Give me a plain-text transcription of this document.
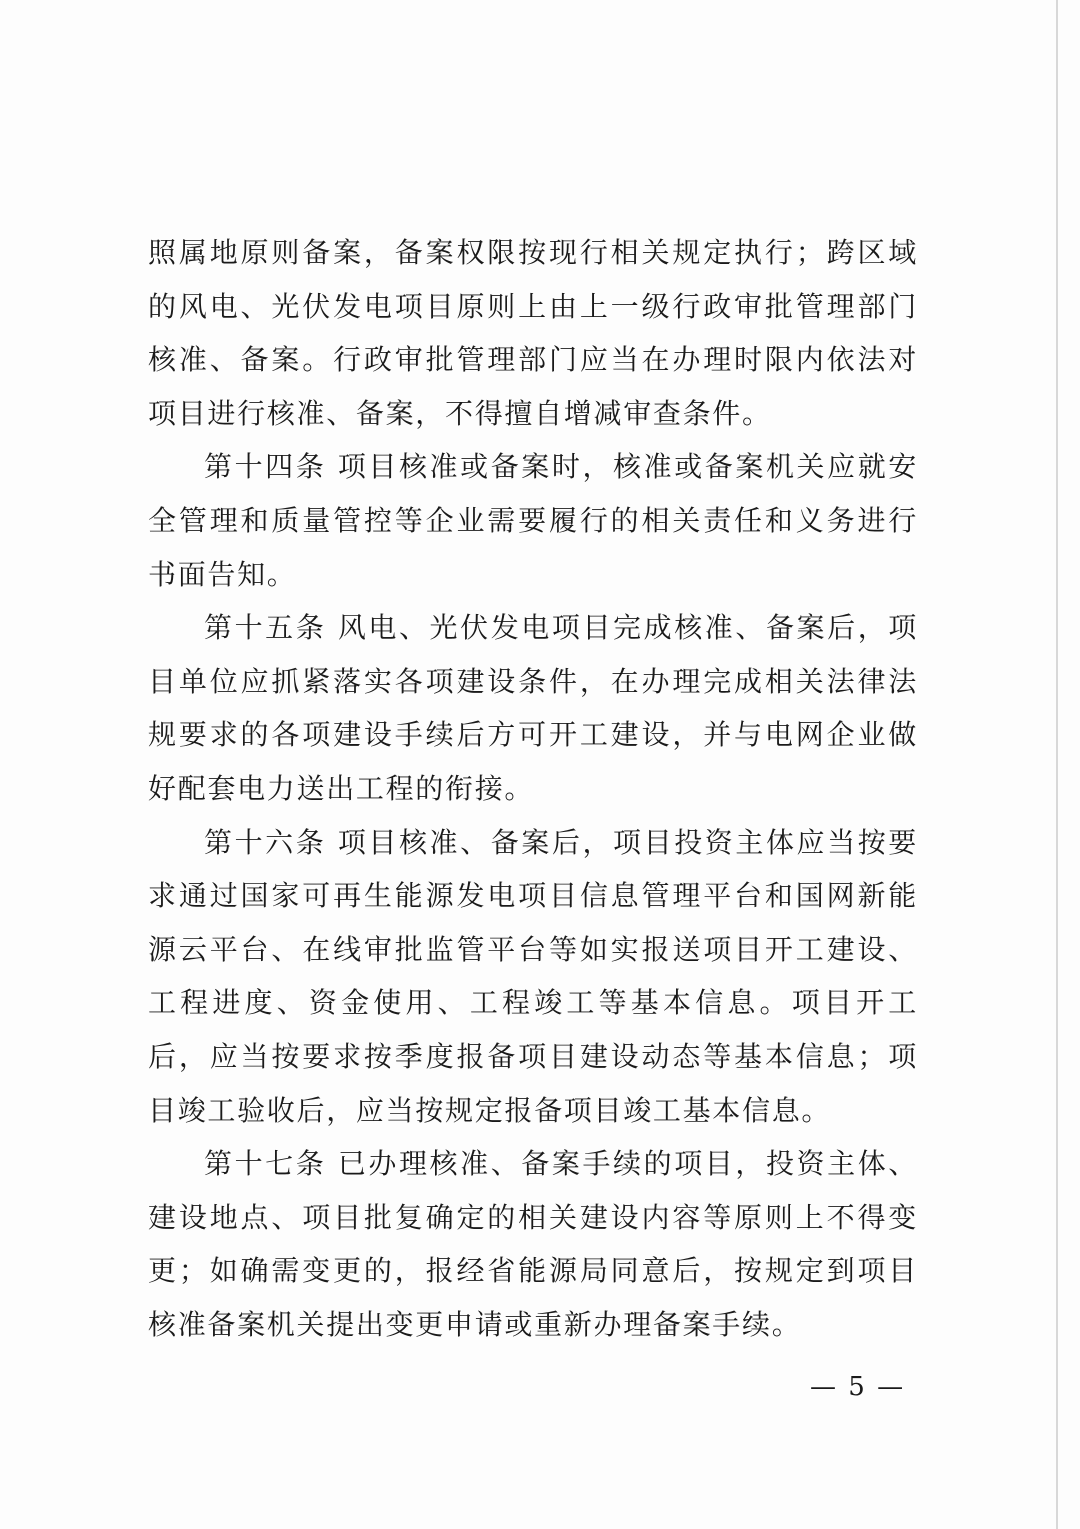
照属地原则备案，备案权限按现行相关规定执行；跨区域的风电、光伏发电项目原则上由上一级行政审批管理部门核准、备案。行政审批管理部门应当在办理时限内依法对项目进行核准、备案，不得擅自增减审查条件。

第十四条 项目核准或备案时，核准或备案机关应就安全管理和质量管控等企业需要履行的相关责任和义务进行书面告知。

第十五条 风电、光伏发电项目完成核准、备案后，项目单位应抓紧落实各项建设条件，在办理完成相关法律法规要求的各项建设手续后方可开工建设，并与电网企业做好配套电力送出工程的衔接。

第十六条 项目核准、备案后，项目投资主体应当按要求通过国家可再生能源发电项目信息管理平台和国网新能源云平台、在线审批监管平台等如实报送项目开工建设、工程进度、资金使用、工程竣工等基本信息。项目开工后，应当按要求按季度报备项目建设动态等基本信息；项目竣工验收后，应当按规定报备项目竣工基本信息。

第十七条 已办理核准、备案手续的项目，投资主体、建设地点、项目批复确定的相关建设内容等原则上不得变更；如确需变更的，报经省能源局同意后，按规定到项目核准备案机关提出变更申请或重新办理备案手续。

— 5 —
